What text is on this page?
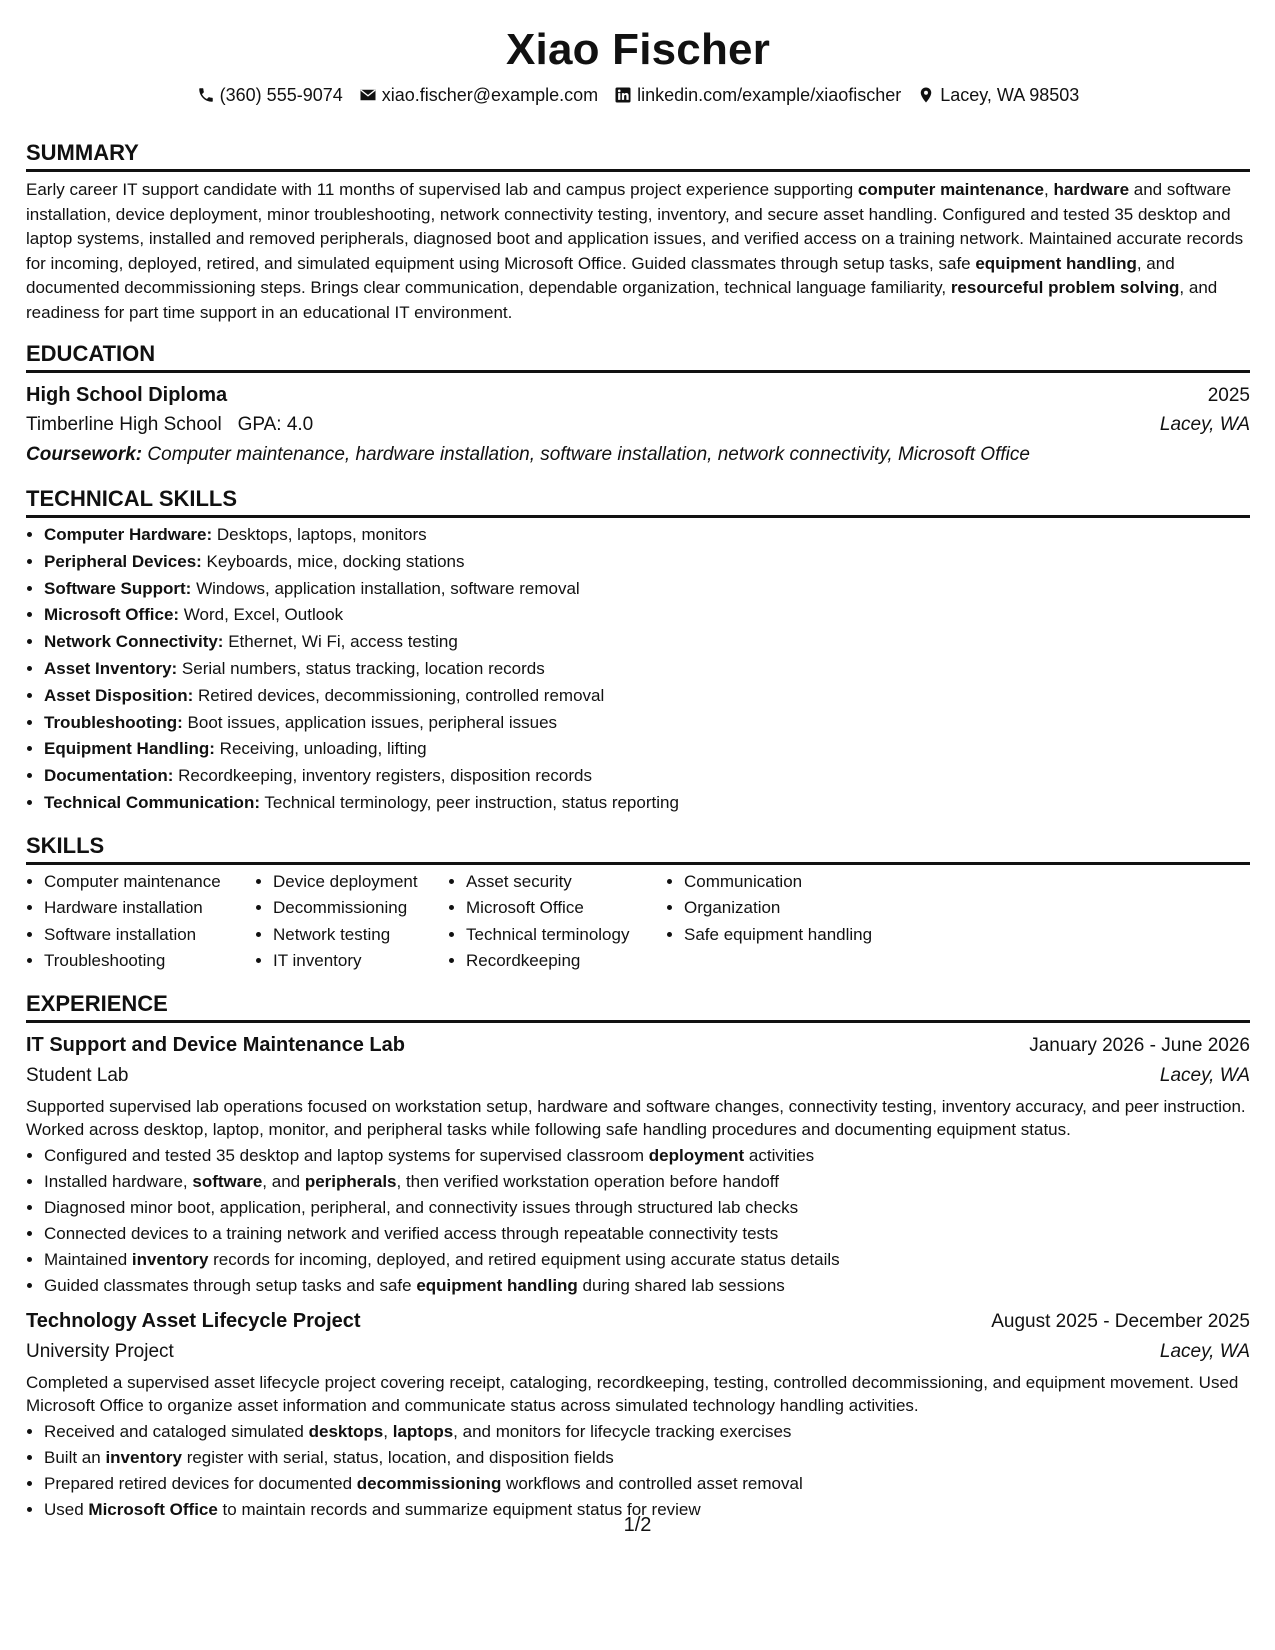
Xiao Fischer
(360) 555-9074 xiao.fischer@example.com linkedin.com/example/xiaofischer Lacey, WA 98503
SUMMARY

Early career IT support candidate with 11 months of supervised lab and campus project experience supporting computer maintenance, hardware and software installation, device deployment, minor troubleshooting, network connectivity testing, inventory, and secure asset handling. Configured and tested 35 desktop and laptop systems, installed and removed peripherals, diagnosed boot and application issues, and verified access on a training network. Maintained accurate records for incoming, deployed, retired, and simulated equipment using Microsoft Office. Guided classmates through setup tasks, safe equipment handling, and documented decommissioning steps. Brings clear communication, dependable organization, technical language familiarity, resourceful problem solving, and readiness for part time support in an educational IT environment.

EDUCATION
High School Diploma	2025
Timberline High School GPA: 4.0	Lacey, WA
Coursework: Computer maintenance, hardware installation, software installation, network connectivity, Microsoft Office
TECHNICAL SKILLS
• Computer Hardware: Desktops, laptops, monitors
• Peripheral Devices: Keyboards, mice, docking stations
• Software Support: Windows, application installation, software removal
• Microsoft Office: Word, Excel, Outlook
• Network Connectivity: Ethernet, Wi Fi, access testing
• Asset Inventory: Serial numbers, status tracking, location records
• Asset Disposition: Retired devices, decommissioning, controlled removal
• Troubleshooting: Boot issues, application issues, peripheral issues
• Equipment Handling: Receiving, unloading, lifting
• Documentation: Recordkeeping, inventory registers, disposition records
• Technical Communication: Technical terminology, peer instruction, status reporting
SKILLS
• Computer maintenance
• Hardware installation
• Software installation
• Troubleshooting
• Device deployment
• Decommissioning
• Network testing
• IT inventory
• Asset security
• Microsoft Office
• Technical terminology
• Recordkeeping
• Communication
• Organization
• Safe equipment handling
EXPERIENCE
IT Support and Device Maintenance Lab	January 2026 - June 2026
Student Lab	Lacey, WA

Supported supervised lab operations focused on workstation setup, hardware and software changes, connectivity testing, inventory accuracy, and peer instruction. Worked across desktop, laptop, monitor, and peripheral tasks while following safe handling procedures and documenting equipment status.

• Configured and tested 35 desktop and laptop systems for supervised classroom deployment activities
• Installed hardware, software, and peripherals, then verified workstation operation before handoff
• Diagnosed minor boot, application, peripheral, and connectivity issues through structured lab checks
• Connected devices to a training network and verified access through repeatable connectivity tests
• Maintained inventory records for incoming, deployed, and retired equipment using accurate status details
• Guided classmates through setup tasks and safe equipment handling during shared lab sessions
Technology Asset Lifecycle Project	August 2025 - December 2025
University Project	Lacey, WA

Completed a supervised asset lifecycle project covering receipt, cataloging, recordkeeping, testing, controlled decommissioning, and equipment movement. Used Microsoft Office to organize asset information and communicate status across simulated technology handling activities.

• Received and cataloged simulated desktops, laptops, and monitors for lifecycle tracking exercises
• Built an inventory register with serial, status, location, and disposition fields
• Prepared retired devices for documented decommissioning workflows and controlled asset removal
• Used Microsoft Office to maintain records and summarize equipment status for review
1/2
